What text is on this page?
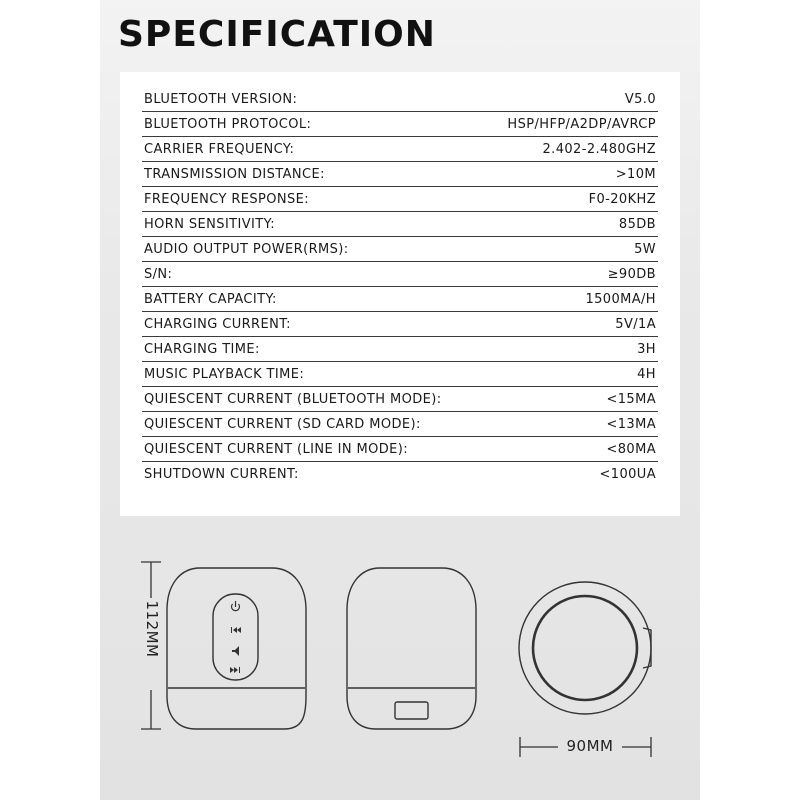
SPECIFICATION
BLUETOOTH VERSION:	V5.0
BLUETOOTH PROTOCOL:	HSP/HFP/A2DP/AVRCP
CARRIER FREQUENCY:	2.402-2.480GHZ
TRANSMISSION DISTANCE:	>10M
FREQUENCY RESPONSE:	F0-20KHZ
HORN SENSITIVITY:	85DB
AUDIO OUTPUT POWER(RMS):	5W
S/N:	≥90DB
BATTERY CAPACITY:	1500MA/H
CHARGING CURRENT:	5V/1A
CHARGING TIME:	3H
MUSIC PLAYBACK TIME:	4H
QUIESCENT CURRENT (BLUETOOTH MODE):	<15MA
QUIESCENT CURRENT (SD CARD MODE):	<13MA
QUIESCENT CURRENT (LINE IN MODE):	<80MA
SHUTDOWN CURRENT:	<100UA
112MM
90MM
